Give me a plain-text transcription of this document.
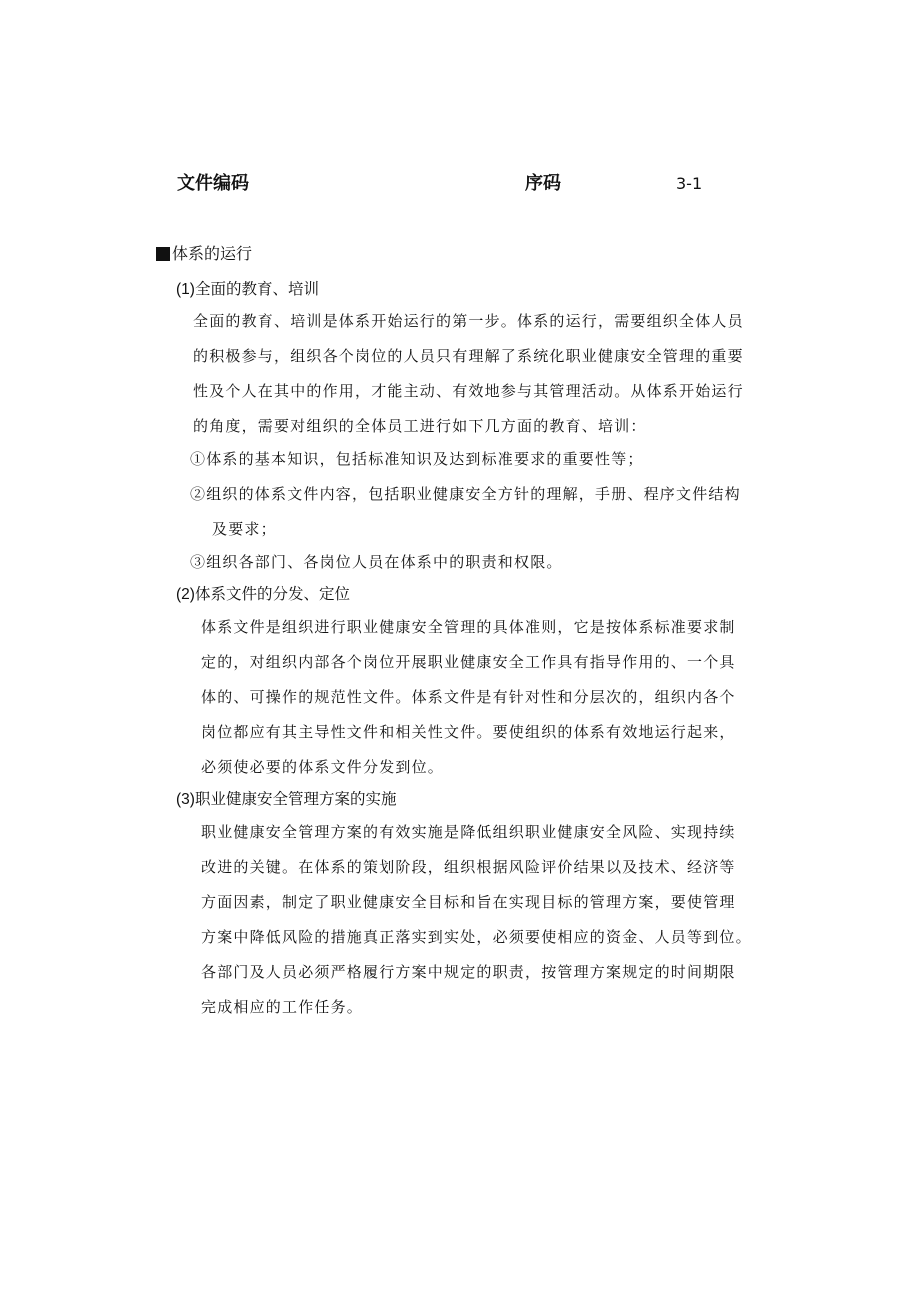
文件编码	序码	3-1
体系的运行
(1)全面的教育、培训
全面的教育、培训是体系开始运行的第一步。体系的运行，需要组织全体人员
的积极参与，组织各个岗位的人员只有理解了系统化职业健康安全管理的重要
性及个人在其中的作用，才能主动、有效地参与其管理活动。从体系开始运行
的角度，需要对组织的全体员工进行如下几方面的教育、培训：
①体系的基本知识，包括标准知识及达到标准要求的重要性等；
②组织的体系文件内容，包括职业健康安全方针的理解，手册、程序文件结构
及要求；
③组织各部门、各岗位人员在体系中的职责和权限。
(2)体系文件的分发、定位
体系文件是组织进行职业健康安全管理的具体准则，它是按体系标准要求制
定的，对组织内部各个岗位开展职业健康安全工作具有指导作用的、一个具
体的、可操作的规范性文件。体系文件是有针对性和分层次的，组织内各个
岗位都应有其主导性文件和相关性文件。要使组织的体系有效地运行起来，
必须使必要的体系文件分发到位。
(3)职业健康安全管理方案的实施
职业健康安全管理方案的有效实施是降低组织职业健康安全风险、实现持续
改进的关键。在体系的策划阶段，组织根据风险评价结果以及技术、经济等
方面因素，制定了职业健康安全目标和旨在实现目标的管理方案，要使管理
方案中降低风险的措施真正落实到实处，必须要使相应的资金、人员等到位。
各部门及人员必须严格履行方案中规定的职责，按管理方案规定的时间期限
完成相应的工作任务。
